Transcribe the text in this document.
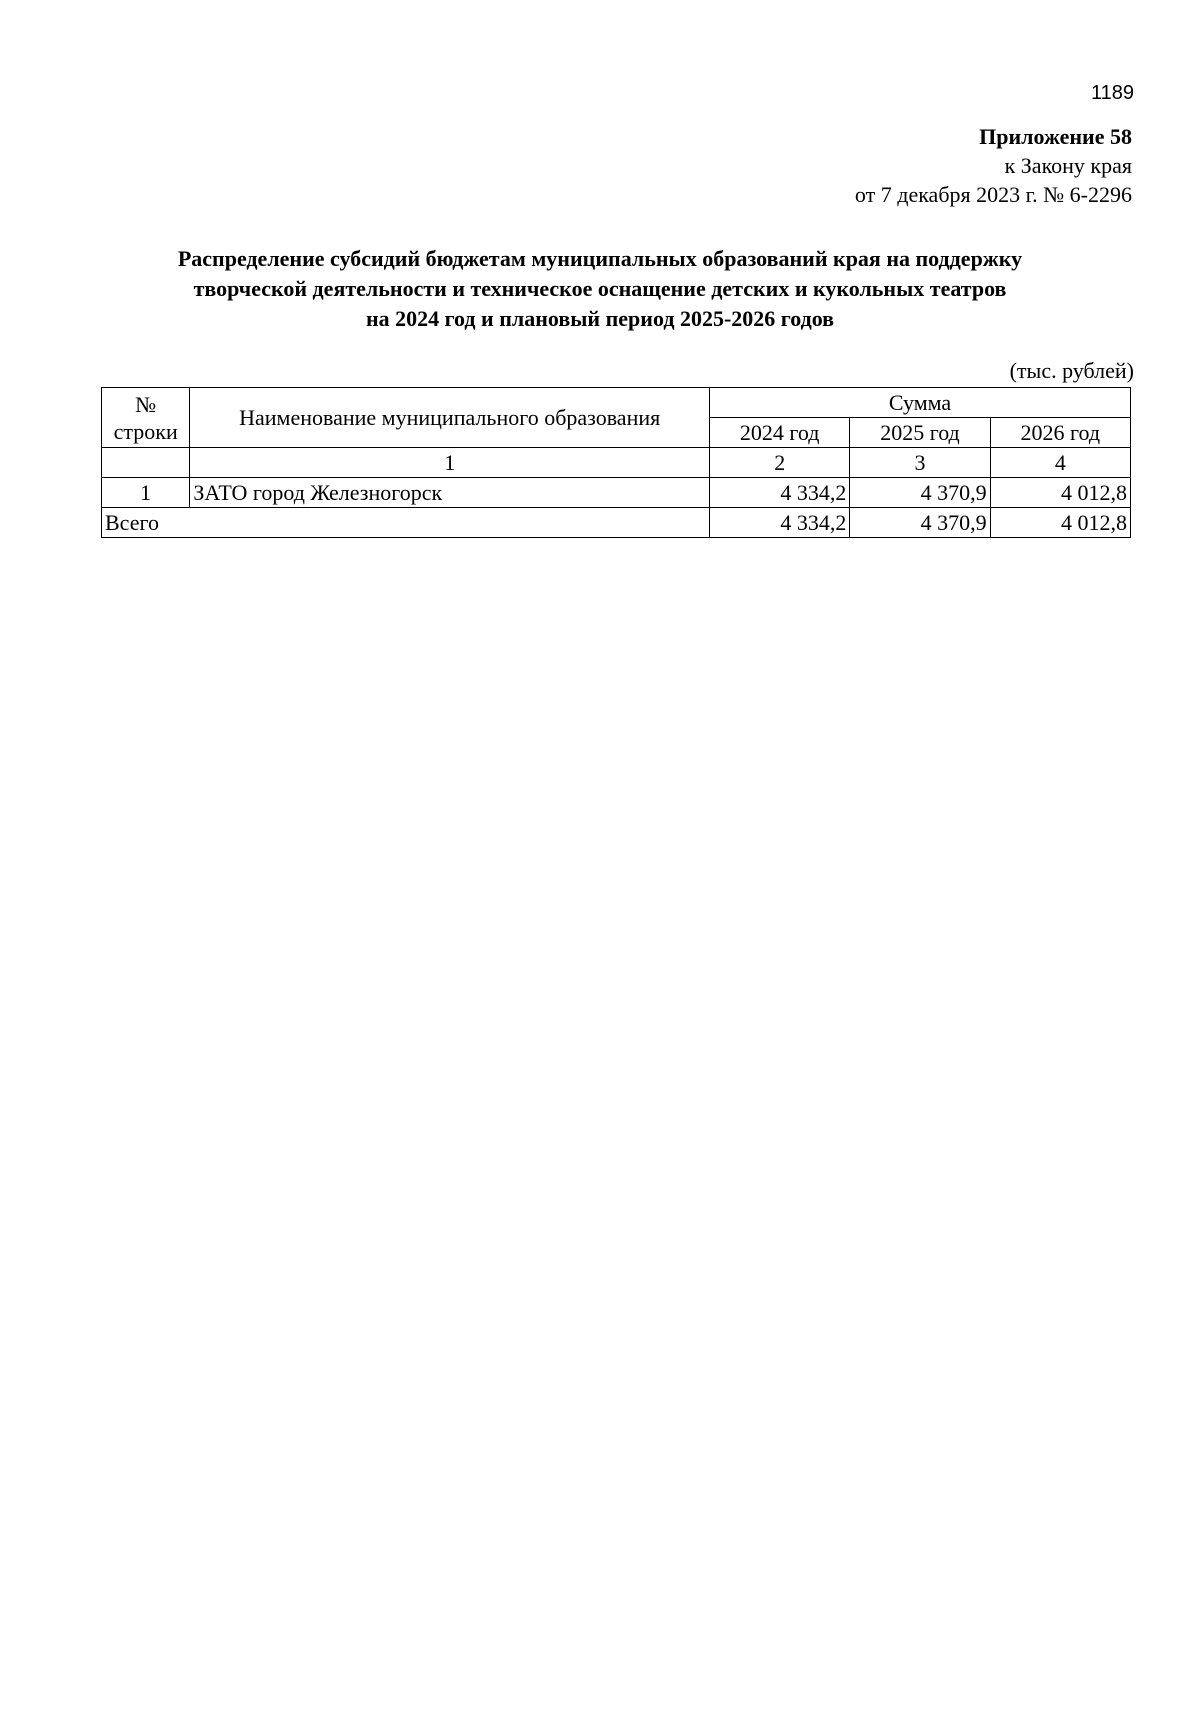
1189
Приложение 58
к Закону края
от 7 декабря 2023 г. № 6-2296
Распределение субсидий бюджетам муниципальных образований края на поддержку
творческой деятельности и техническое оснащение детских и кукольных театров
на 2024 год и плановый период 2025-2026 годов
(тыс. рублей)
№
строки	Наименование муниципального образования	Сумма		
		2024 год	2025 год	2026 год
	1	2	3	4
1	ЗАТО город Железногорск	4 334,2	4 370,9	4 012,8
Всего		4 334,2	4 370,9	4 012,8
